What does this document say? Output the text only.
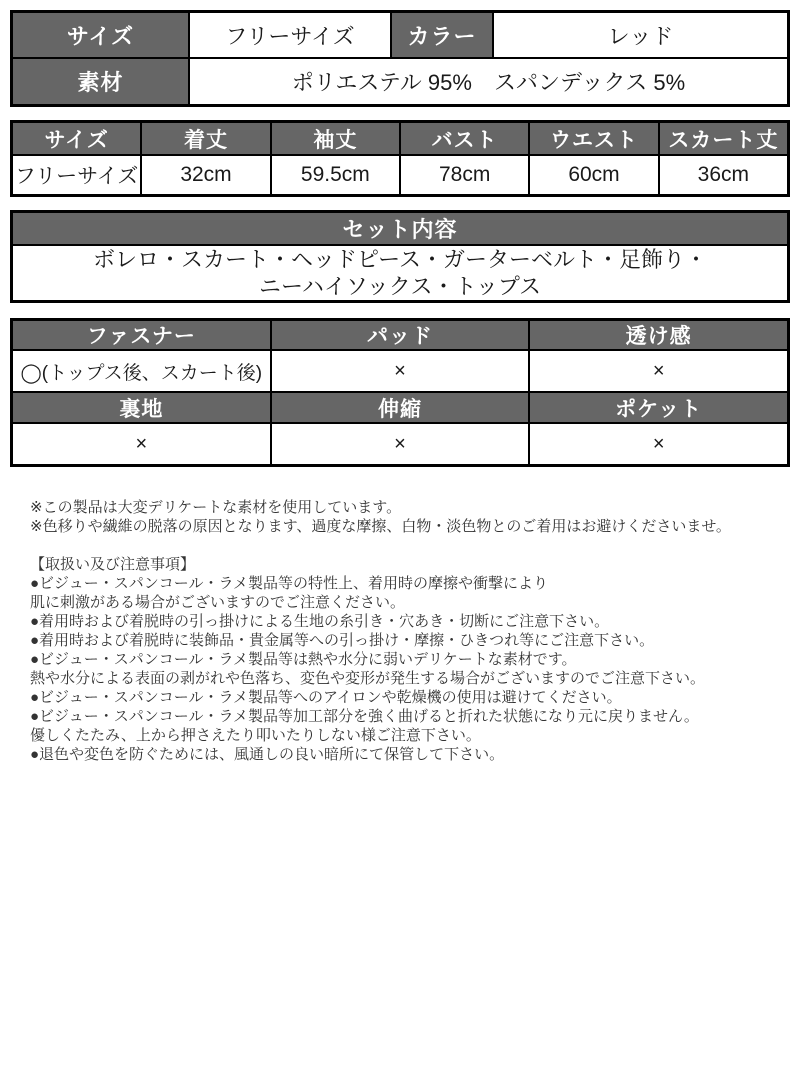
サイズ	フリーサイズ	カラー	レッド
素材	ポリエステル 95%　スパンデックス 5%
サイズ	着丈	袖丈	バスト	ウエスト	スカート丈
フリーサイズ	32cm	59.5cm	78cm	60cm	36cm
セット内容
ボレロ・スカート・ヘッドピース・ガーターベルト・足飾り・
ニーハイソックス・トップス
ファスナー	パッド	透け感
◯(トップス後、スカート後)	×	×
裏地	伸縮	ポケット
×	×	×
※この製品は大変デリケートな素材を使用しています。
※色移りや繊維の脱落の原因となります、過度な摩擦、白物・淡色物とのご着用はお避けくださいませ。
【取扱い及び注意事項】
●ビジュー・スパンコール・ラメ製品等の特性上、着用時の摩擦や衝撃により
肌に刺激がある場合がございますのでご注意ください。
●着用時および着脱時の引っ掛けによる生地の糸引き・穴あき・切断にご注意下さい。
●着用時および着脱時に装飾品・貴金属等への引っ掛け・摩擦・ひきつれ等にご注意下さい。
●ビジュー・スパンコール・ラメ製品等は熱や水分に弱いデリケートな素材です。
熱や水分による表面の剥がれや色落ち、変色や変形が発生する場合がございますのでご注意下さい。
●ビジュー・スパンコール・ラメ製品等へのアイロンや乾燥機の使用は避けてください。
●ビジュー・スパンコール・ラメ製品等加工部分を強く曲げると折れた状態になり元に戻りません。
優しくたたみ、上から押さえたり叩いたりしない様ご注意下さい。
●退色や変色を防ぐためには、風通しの良い暗所にて保管して下さい。
